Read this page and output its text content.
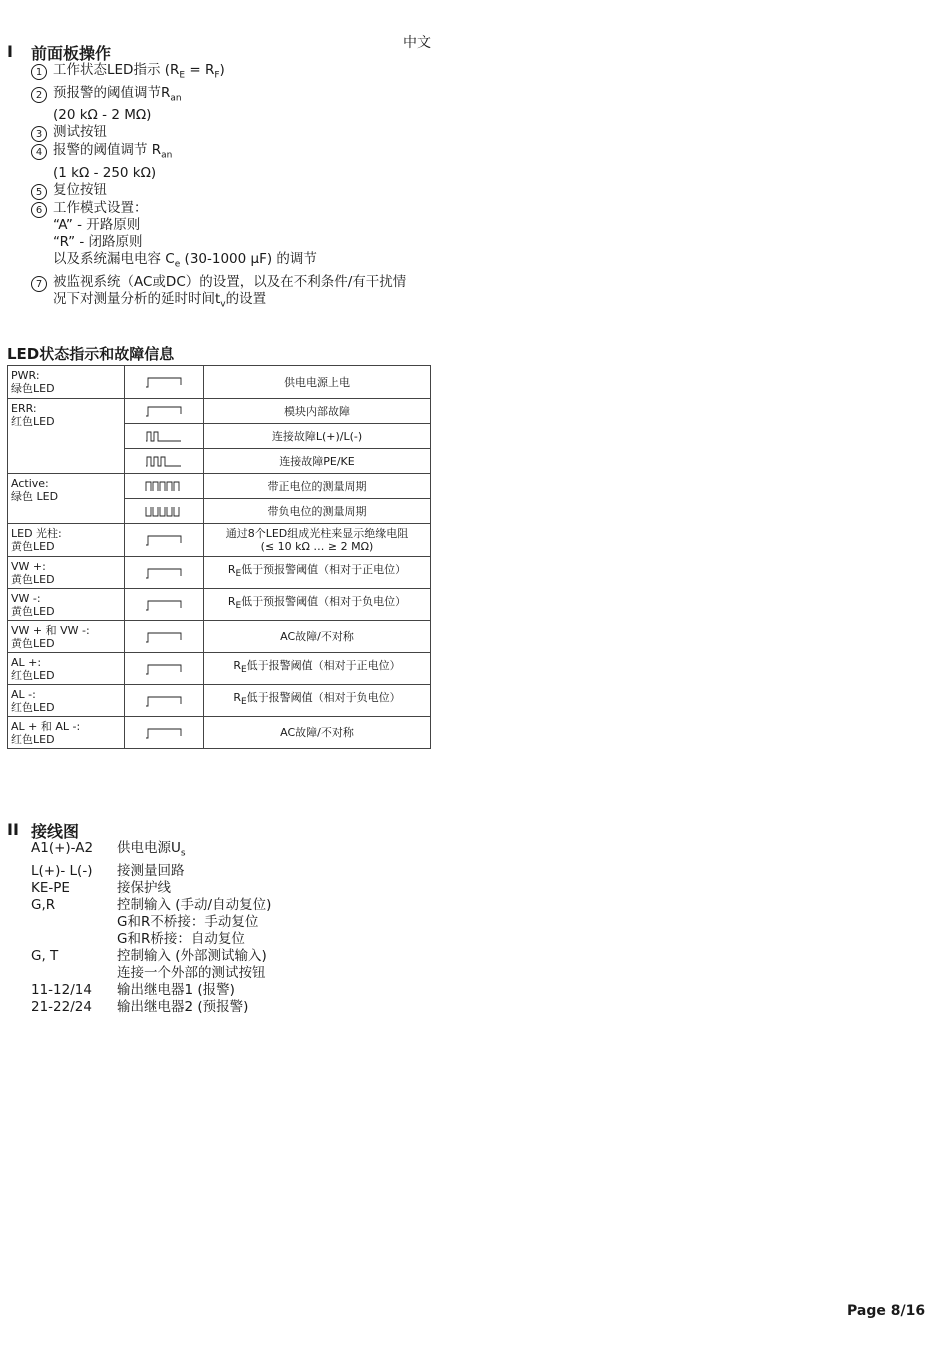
中文
I 前面板操作
1 工作状态LED指示 $(R_E = R_F)$
2 预报警的阈值调节$R_{an}$
(20 kΩ - 2 MΩ)
3 测试按钮
4 报警的阈值调节 $R_{an}$
(1 kΩ - 250 kΩ)
5 复位按钮
6 工作模式设置：
“A” - 开路原则
“R” - 闭路原则
以及系统漏电电容 $C_e$ (30-1000 µF) 的调节
7 被监视系统（AC或DC）的设置，以及在不利条件/有干扰情
况下对测量分析的延时时间$t_v$的设置
LED状态指示和故障信息
PWR:
绿色LED		供电电源上电
ERR:
红色LED		模块内部故障

	连接故障L(+)/L(-)

	连接故障PE/KE
Active:
绿色 LED		带正电位的测量周期

	带负电位的测量周期
LED 光柱:
黄色LED		通过8个LED组成光柱来显示绝缘电阻
(≤ 10 kΩ … ≥ 2 MΩ)
VW +:
黄色LED		$R_E$低于预报警阈值（相对于正电位）
VW -:
黄色LED		$R_E$低于预报警阈值（相对于负电位）
VW + 和 VW -:
黄色LED		AC故障/不对称
AL +:
红色LED		$R_E$低于报警阈值（相对于正电位）
AL -:
红色LED		$R_E$低于报警阈值（相对于负电位）
AL + 和 AL -:
红色LED		AC故障/不对称
II 接线图
A1(+)-A2	供电电源$U_s$
L(+)- L(-)	接测量回路
KE-PE	接保护线
G,R	控制输入 (手动/自动复位)
G和R不桥接：手动复位
G和R桥接：自动复位
G, T	控制输入 (外部测试输入)
连接一个外部的测试按钮
11-12/14	输出继电器1 (报警)
21-22/24	输出继电器2 (预报警)
Page 8/16
